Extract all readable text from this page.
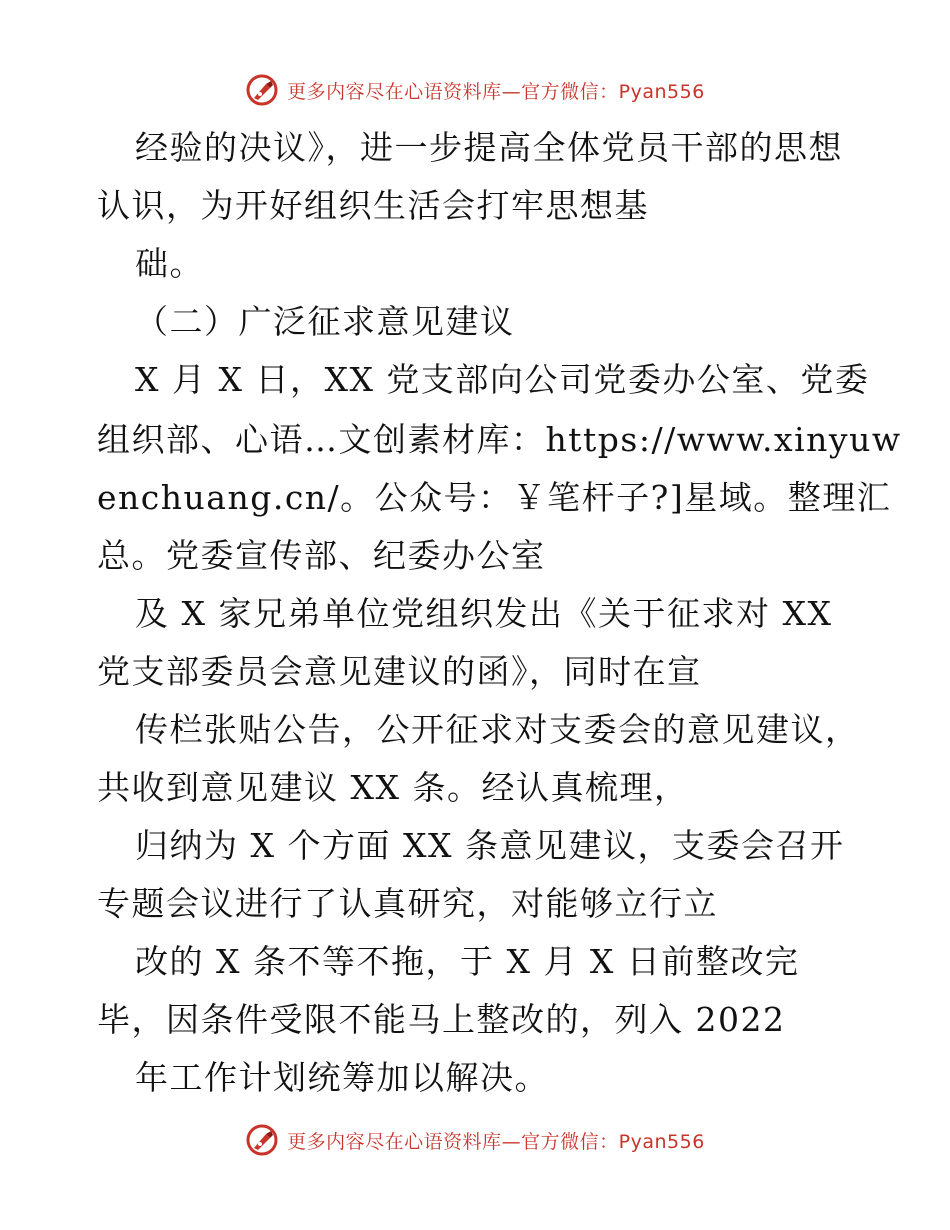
更多内容尽在心语资料库—官方微信：Pyan556
经验的决议》，进一步提高全体党员干部的思想
认识，为开好组织生活会打牢思想基
础。
（二）广泛征求意见建议
X 月 X 日，XX 党支部向公司党委办公室、党委
组织部、心语…文创素材库：https://www.xinyuw
enchuang.cn/。公众号：￥笔杆子?]星域。整理汇
总。党委宣传部、纪委办公室
及 X 家兄弟单位党组织发出《关于征求对 XX
党支部委员会意见建议的函》，同时在宣
传栏张贴公告，公开征求对支委会的意见建议，
共收到意见建议 XX 条。经认真梳理，
归纳为 X 个方面 XX 条意见建议，支委会召开
专题会议进行了认真研究，对能够立行立
改的 X 条不等不拖，于 X 月 X 日前整改完
毕，因条件受限不能马上整改的，列入 2022
年工作计划统筹加以解决。
更多内容尽在心语资料库—官方微信：Pyan556
